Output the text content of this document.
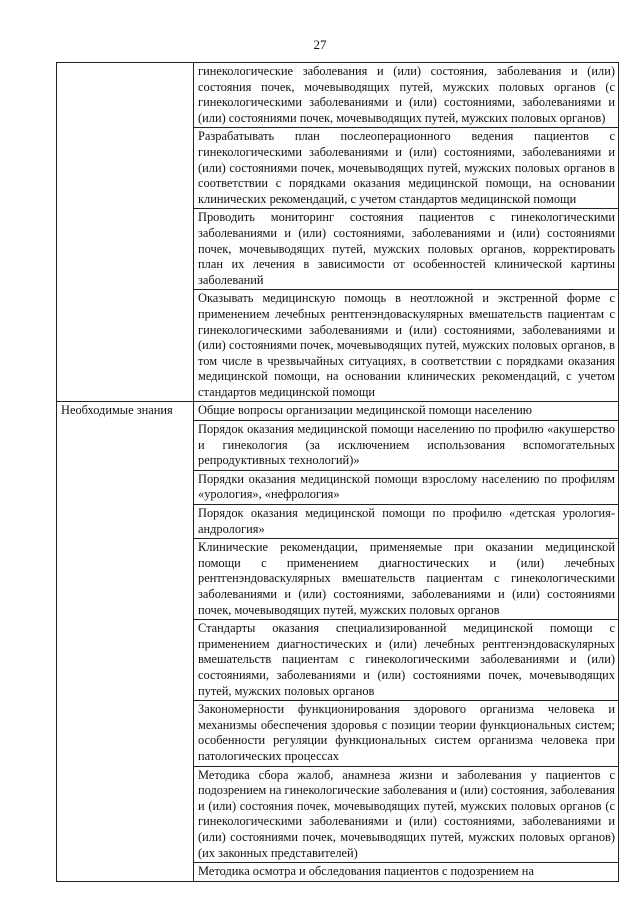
27
	гинекологические заболевания и (или) состояния, заболевания и (или) состояния почек, мочевыводящих путей, мужских половых органов (с гинекологическими заболеваниями и (или) состояниями, заболеваниями и (или) состояниями почек, мочевыводящих путей, мужских половых органов)
	Разрабатывать план послеоперационного ведения пациентов с гинекологическими заболеваниями и (или) состояниями, заболеваниями и (или) состояниями почек, мочевыводящих путей, мужских половых органов в соответствии с порядками оказания медицинской помощи, на основании клинических рекомендаций, с учетом стандартов медицинской помощи
	Проводить мониторинг состояния пациентов с гинекологическими заболеваниями и (или) состояниями, заболеваниями и (или) состояниями почек, мочевыводящих путей, мужских половых органов, корректировать план их лечения в зависимости от особенностей клинической картины заболеваний
	Оказывать медицинскую помощь в неотложной и экстренной форме с применением лечебных рентгенэндоваскулярных вмешательств пациентам с гинекологическими заболеваниями и (или) состояниями, заболеваниями и (или) состояниями почек, мочевыводящих путей, мужских половых органов, в том числе в чрезвычайных ситуациях, в соответствии с порядками оказания медицинской помощи, на основании клинических рекомендаций, с учетом стандартов медицинской помощи
Необходимые знания	Общие вопросы организации медицинской помощи населению
	Порядок оказания медицинской помощи населению по профилю «акушерство и гинекология (за исключением использования вспомогательных репродуктивных технологий)»
	Порядки оказания медицинской помощи взрослому населению по профилям «урология», «нефрология»
	Порядок оказания медицинской помощи по профилю «детская урология-андрология»
	Клинические рекомендации, применяемые при оказании медицинской помощи с применением диагностических и (или) лечебных рентгенэндоваскулярных вмешательств пациентам с гинекологическими заболеваниями и (или) состояниями, заболеваниями и (или) состояниями почек, мочевыводящих путей, мужских половых органов
	Стандарты оказания специализированной медицинской помощи с применением диагностических и (или) лечебных рентгенэндоваскулярных вмешательств пациентам с гинекологическими заболеваниями и (или) состояниями, заболеваниями и (или) состояниями почек, мочевыводящих путей, мужских половых органов
	Закономерности функционирования здорового организма человека и механизмы обеспечения здоровья с позиции теории функциональных систем; особенности регуляции функциональных систем организма человека при патологических процессах
	Методика сбора жалоб, анамнеза жизни и заболевания у пациентов с подозрением на гинекологические заболевания и (или) состояния, заболевания и (или) состояния почек, мочевыводящих путей, мужских половых органов (с гинекологическими заболеваниями и (или) состояниями, заболеваниями и (или) состояниями почек, мочевыводящих путей, мужских половых органов) (их законных представителей)
	Методика осмотра и обследования пациентов с подозрением на
